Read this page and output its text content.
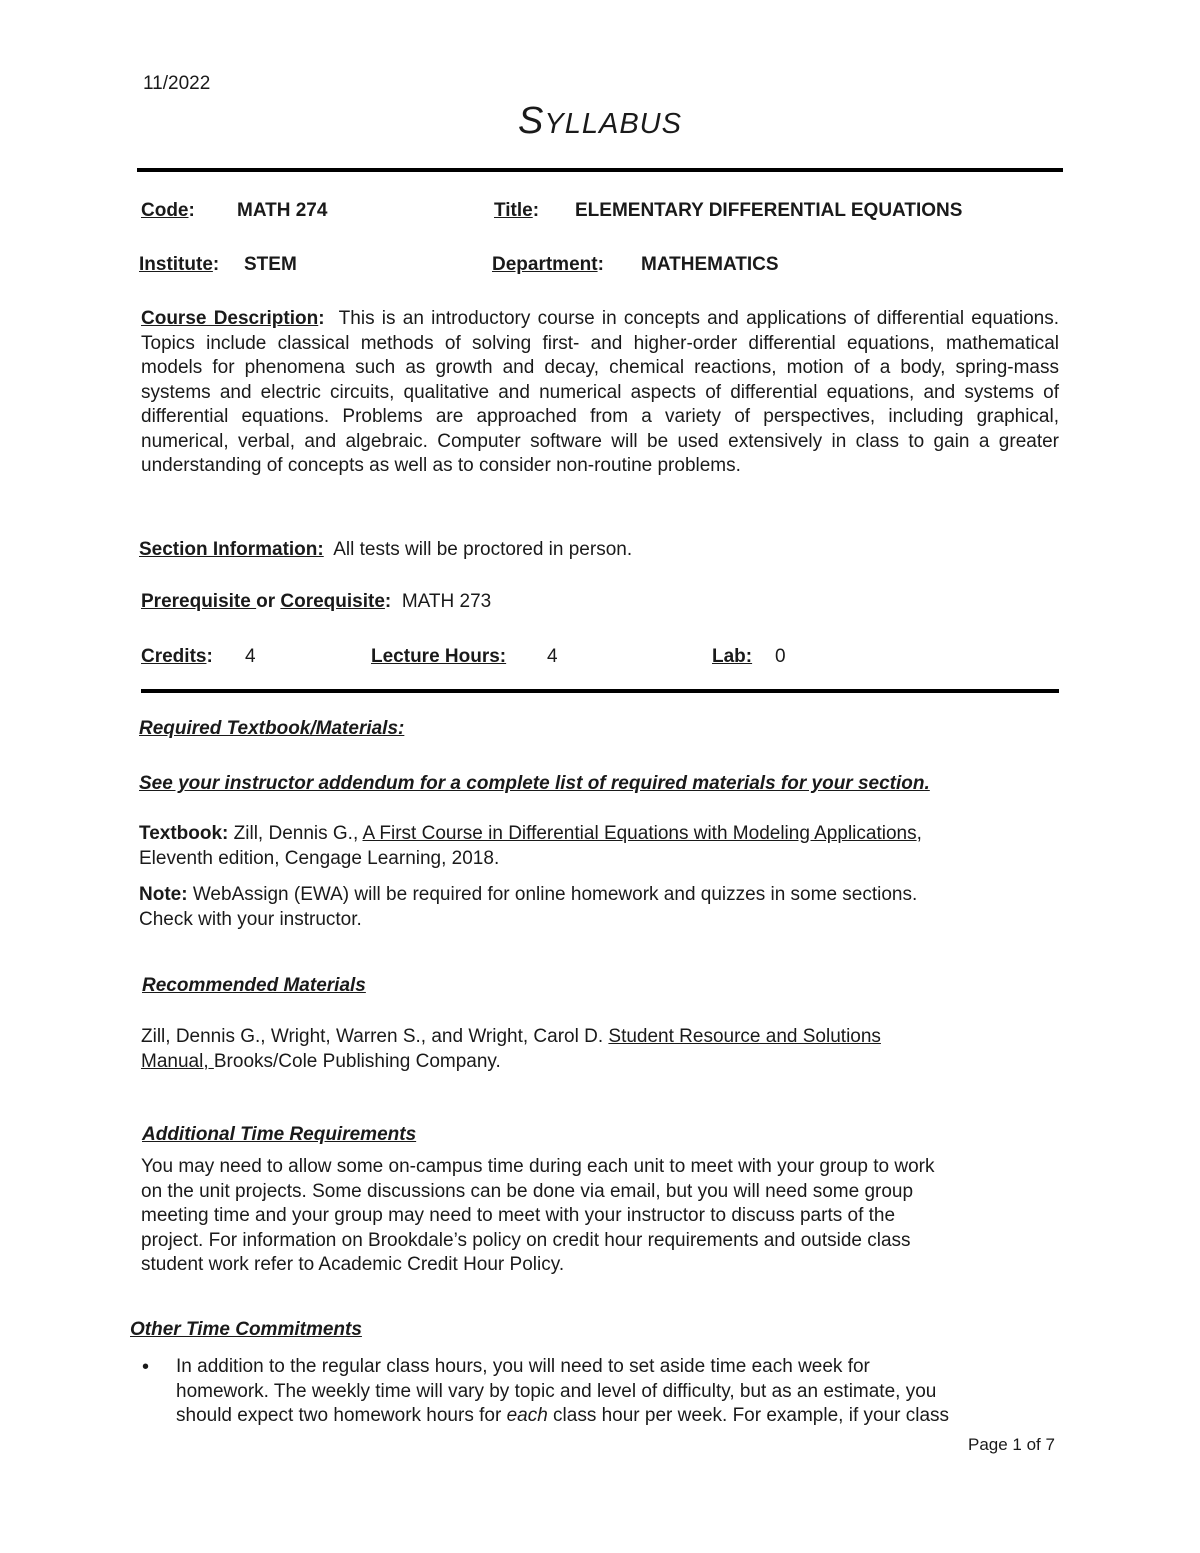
11/2022
SYLLABUS
Code: MATH 274	Title: ELEMENTARY DIFFERENTIAL EQUATIONS
Institute: STEM	Department: MATHEMATICS
Course Description: This is an introductory course in concepts and applications of differential equations. Topics include classical methods of solving first- and higher-order differential equations, mathematical models for phenomena such as growth and decay, chemical reactions, motion of a body, spring-mass systems and electric circuits, qualitative and numerical aspects of differential equations, and systems of differential equations. Problems are approached from a variety of perspectives, including graphical, numerical, verbal, and algebraic. Computer software will be used extensively in class to gain a greater understanding of concepts as well as to consider non-routine problems.
Section Information: All tests will be proctored in person.
Prerequisite or Corequisite: MATH 273
Credits: 4	Lecture Hours: 4	Lab: 0
Required Textbook/Materials:
See your instructor addendum for a complete list of required materials for your section.
Textbook: Zill, Dennis G., A First Course in Differential Equations with Modeling Applications,
Eleventh edition, Cengage Learning, 2018.
Note: WebAssign (EWA) will be required for online homework and quizzes in some sections.
Check with your instructor.
Recommended Materials
Zill, Dennis G., Wright, Warren S., and Wright, Carol D. Student Resource and Solutions
Manual, Brooks/Cole Publishing Company.
Additional Time Requirements
You may need to allow some on-campus time during each unit to meet with your group to work
on the unit projects. Some discussions can be done via email, but you will need some group
meeting time and your group may need to meet with your instructor to discuss parts of the
project. For information on Brookdale’s policy on credit hour requirements and outside class
student work refer to Academic Credit Hour Policy.
Other Time Commitments
• In addition to the regular class hours, you will need to set aside time each week for
homework. The weekly time will vary by topic and level of difficulty, but as an estimate, you
should expect two homework hours for each class hour per week. For example, if your class
Page 1 of 7
